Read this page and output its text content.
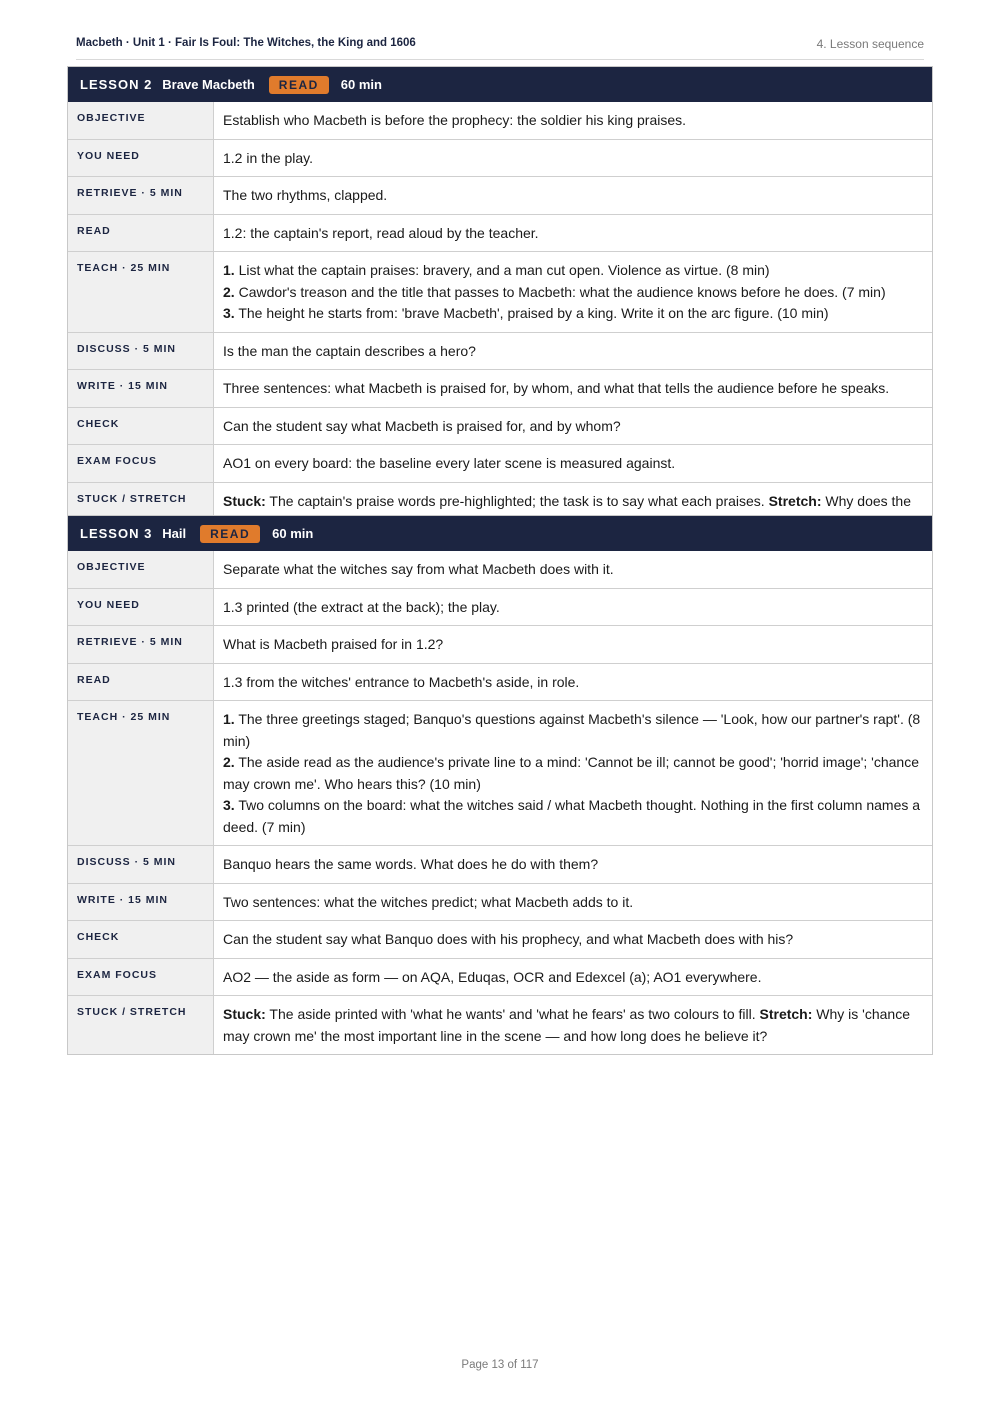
Macbeth · Unit 1 · Fair Is Foul: The Witches, the King and 1606	4. Lesson sequence
LESSON 2 Brave Macbeth	READ	60 min
OBJECTIVE	Establish who Macbeth is before the prophecy: the soldier his king praises.
YOU NEED	1.2 in the play.
RETRIEVE · 5 MIN	The two rhythms, clapped.
READ	1.2: the captain's report, read aloud by the teacher.
TEACH · 25 MIN	1. List what the captain praises: bravery, and a man cut open. Violence as virtue. (8 min)
2. Cawdor's treason and the title that passes to Macbeth: what the audience knows before he does. (7 min)
3. The height he starts from: 'brave Macbeth', praised by a king. Write it on the arc figure. (10 min)
DISCUSS · 5 MIN	Is the man the captain describes a hero?
WRITE · 15 MIN	Three sentences: what Macbeth is praised for, by whom, and what that tells the audience before he speaks.
CHECK	Can the student say what Macbeth is praised for, and by whom?
EXAM FOCUS	AO1 on every board: the baseline every later scene is measured against.
STUCK / STRETCH	Stuck: The captain's praise words pre-highlighted; the task is to say what each praises. Stretch: Why does the
LESSON 3 Hail	READ	60 min
OBJECTIVE	Separate what the witches say from what Macbeth does with it.
YOU NEED	1.3 printed (the extract at the back); the play.
RETRIEVE · 5 MIN	What is Macbeth praised for in 1.2?
READ	1.3 from the witches' entrance to Macbeth's aside, in role.
TEACH · 25 MIN	1. The three greetings staged; Banquo's questions against Macbeth's silence — 'Look, how our partner's rapt'. (8 min)
2. The aside read as the audience's private line to a mind: 'Cannot be ill; cannot be good'; 'horrid image'; 'chance may crown me'. Who hears this? (10 min)
3. Two columns on the board: what the witches said / what Macbeth thought. Nothing in the first column names a deed. (7 min)
DISCUSS · 5 MIN	Banquo hears the same words. What does he do with them?
WRITE · 15 MIN	Two sentences: what the witches predict; what Macbeth adds to it.
CHECK	Can the student say what Banquo does with his prophecy, and what Macbeth does with his?
EXAM FOCUS	AO2 — the aside as form — on AQA, Eduqas, OCR and Edexcel (a); AO1 everywhere.
STUCK / STRETCH	Stuck: The aside printed with 'what he wants' and 'what he fears' as two colours to fill. Stretch: Why is 'chance may crown me' the most important line in the scene — and how long does he believe it?
Page 13 of 117
